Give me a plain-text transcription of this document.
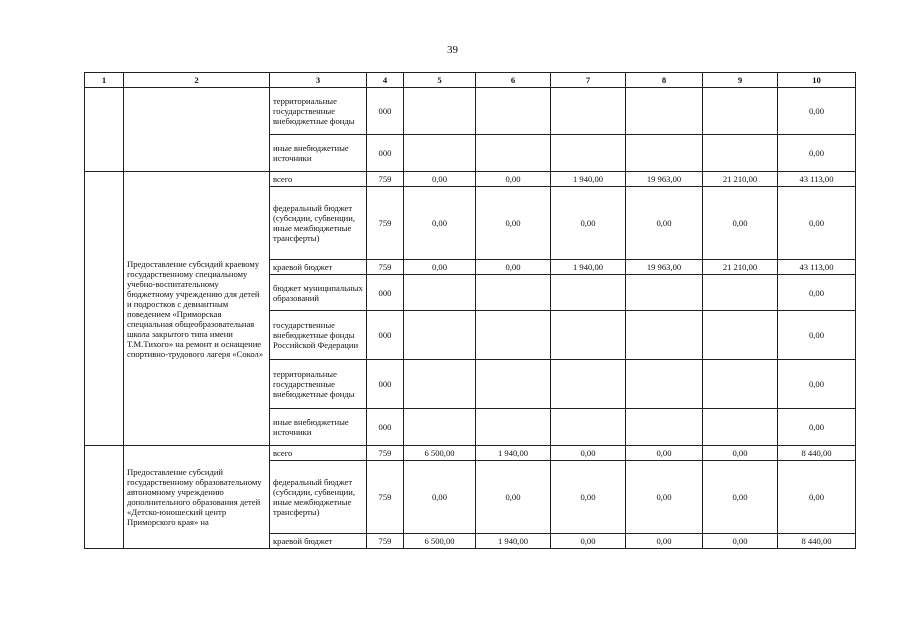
39
1	2	3	4	5	6	7	8	9	10
		территориальные государственные внебюджетные фонды	000						0,00
		иные внебюджетные источники	000						0,00
	Предоставление субсидий краевому государственному специальному учебно-воспитательному бюджетному учреждению для детей и подростков с девиантным поведением «Приморская специальная общеобразовательная школа закрытого типа имени Т.М.Тихого» на ремонт и оснащение спортивно-трудового лагеря «Сокол»	всего	759	0,00	0,00	1 940,00	19 963,00	21 210,00	43 113,00
		федеральный бюджет (субсидии, субвенции, иные межбюджетные трансферты)	759	0,00	0,00	0,00	0,00	0,00	0,00
		краевой бюджет	759	0,00	0,00	1 940,00	19 963,00	21 210,00	43 113,00
		бюджет муниципальных образований	000						0,00
		государственные внебюджетные фонды Российской Федерации	000						0,00
		территориальные государственные внебюджетные фонды	000						0,00
		иные внебюджетные источники	000						0,00
	Предоставление субсидий государственному образовательному автономному учреждению дополнительного образования детей «Детско-юношеский центр Приморского края» на	всего	759	6 500,00	1 940,00	0,00	0,00	0,00	8 440,00
		федеральный бюджет (субсидии, субвенции, иные межбюджетные трансферты)	759	0,00	0,00	0,00	0,00	0,00	0,00
		краевой бюджет	759	6 500,00	1 940,00	0,00	0,00	0,00	8 440,00
